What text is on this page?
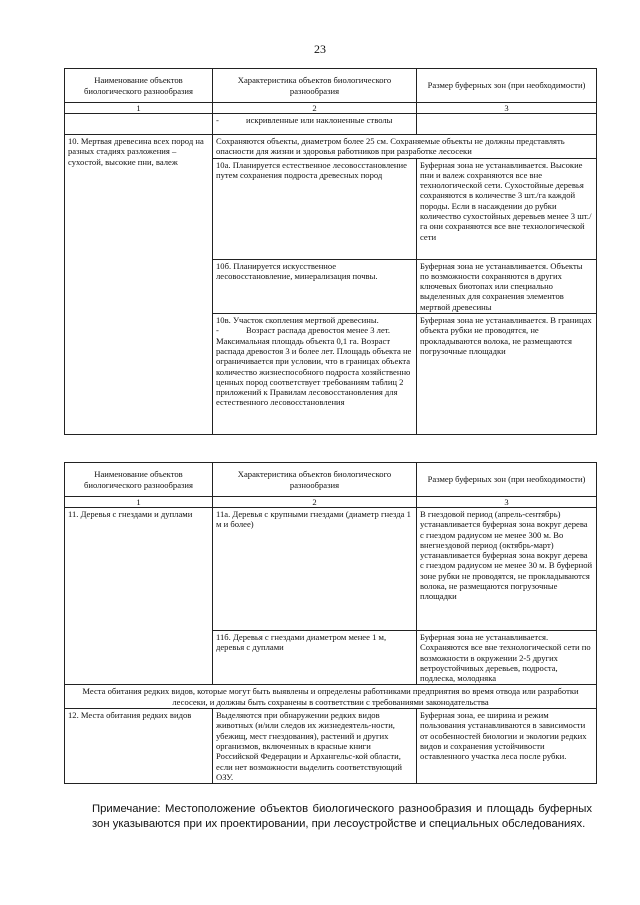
23
Наименование объектов биологического разнообразия	Характеристика объектов биологического разнообразия	Размер буферных зон (при необходимости)
1	2	3

	- искривленные или наклоненные стволы	

10. Мертвая древесина всех пород на разных стадиях разложения – сухостой, высокие пни, валеж	Сохраняются объекты, диаметром более 25 см. Сохраняемые объекты не должны представлять опасности для жизни и здоровья работников при разработке лесосеки	
	10а. Планируется естественное лесовосстановление путем сохранения подроста древесных пород	Буферная зона не устанавливается. Высокие пни и валеж сохраняются все вне технологической сети. Сухостойные деревья сохраняются в количестве 3 шт./га каждой породы. Если в насаждении до рубки количество сухостойных деревьев менее 3 шт./га они сохраняются все вне технологической сети
	10б. Планируется искусственное лесовосстановление, минерализация почвы.	Буферная зона не устанавливается. Объекты по возможности сохраняются в других ключевых биотопах или специально выделенных для сохранения элементов мертвой древесины

	10в. Участок скопления мертвой древесины.
- Возраст распада древостоя менее 3 лет.
Максимальная площадь объекта 0,1 га. Возраст распада древостоя 3 и более лет. Площадь объекта не ограничивается при условии, что в границах объекта количество жизнеспособного подроста хозяйственно ценных пород соответствует требованиям таблиц 2 приложений к Правилам лесовосстановления для естественного лесовосстановления	Буферная зона не устанавливается. В границах объекта рубки не проводятся, не прокладываются волока, не размещаются погрузочные площадки
Наименование объектов биологического разнообразия	Характеристика объектов биологического разнообразия	Размер буферных зон (при необходимости)
1	2	3
11. Деревья с гнездами и дуплами	11а. Деревья с крупными гнездами (диаметр гнезда 1 м и более)	В гнездовой период (апрель-сентябрь) устанавливается буферная зона вокруг дерева с гнездом радиусом не менее 300 м. Во внегнездовой период (октябрь-март) устанавливается буферная зона вокруг дерева с гнездом радиусом не менее 30 м. В буферной зоне рубки не проводятся, не прокладываются волока, не размещаются погрузочные площадки
	11б. Деревья с гнездами диаметром менее 1 м, деревья с дуплами	Буферная зона не устанавливается. Сохраняются все вне технологической сети по возможности в окружении 2-5 других ветроустойчивых деревьев, подроста, подлеска, молодняка
Места обитания редких видов, которые могут быть выявлены и определены работниками предприятия во время отвода или разработки лесосеки, и должны быть сохранены в соответствии с требованиями законодательства		
12. Места обитания редких видов	Выделяются при обнаружении редких видов животных (и/или следов их жизнедеятель-ности, убежищ, мест гнездования), растений и других организмов, включенных в красные книги Российской Федерации и Архангельс-кой области, если нет возможности выделить соответствующий ОЗУ.	Буферная зона, ее ширина и режим пользования устанавливаются в зависимости от особенностей биологии и экологии редких видов и сохранения устойчивости оставленного участка леса после рубки.
Примечание: Местоположение объектов биологического разнообразия и площадь буферных зон указываются при их проектировании, при лесоустройстве и специальных обследованиях.
